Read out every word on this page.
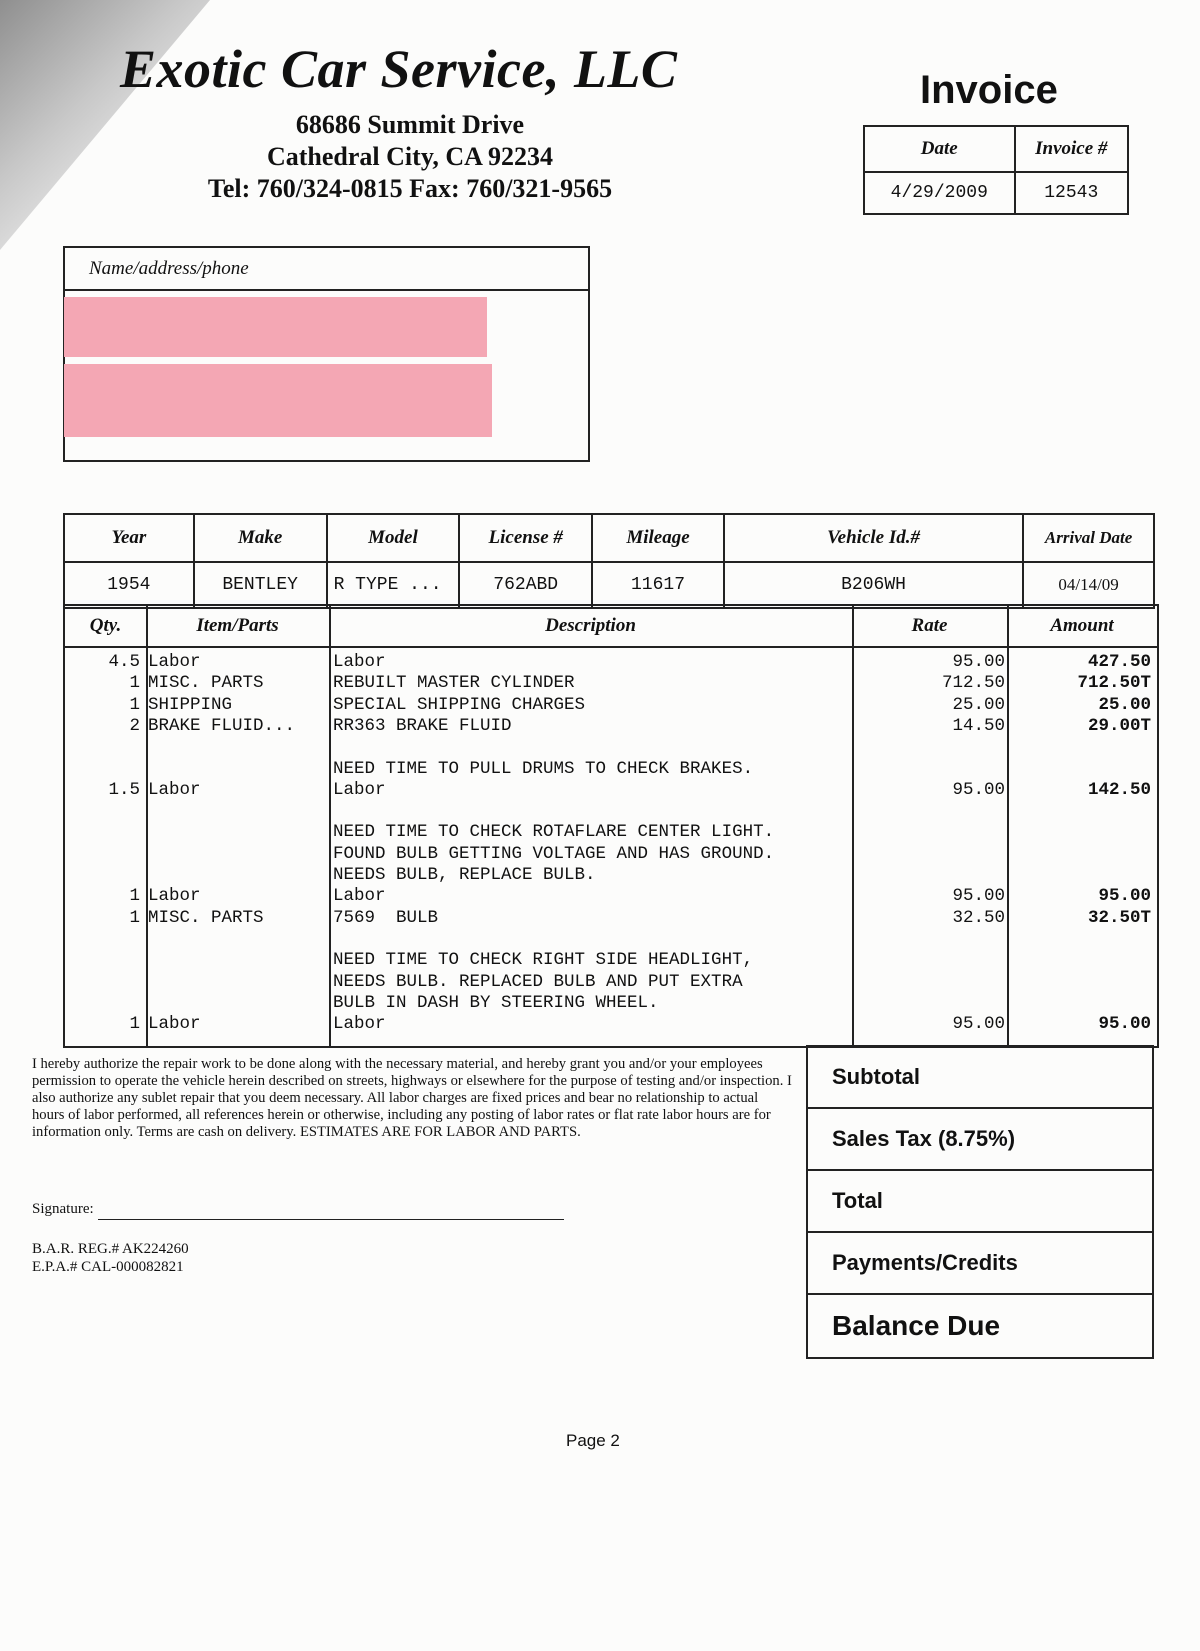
Exotic Car Service, LLC
68686 Summit Drive
Cathedral City, CA 92234
Tel: 760/324-0815 Fax: 760/321-9565
Invoice
Date	Invoice #
4/29/2009	12543
Name/address/phone
Year	Make	Model	License #	Mileage	Vehicle Id.#	Arrival Date
1954	BENTLEY	R TYPE ...	762ABD	11617	B206WH	04/14/09
Qty.	Item/Parts	Description	Rate	Amount
4.5 Labor	Labor	95.00	427.50
1 MISC. PARTS	REBUILT MASTER CYLINDER	712.50	712.50T
1 SHIPPING	SPECIAL SHIPPING CHARGES	25.00	25.00
2 BRAKE FLUID...	RR363 BRAKE FLUID	14.50	29.00T
NEED TIME TO PULL DRUMS TO CHECK BRAKES.
1.5 Labor	Labor	95.00	142.50
NEED TIME TO CHECK ROTAFLARE CENTER LIGHT.
FOUND BULB GETTING VOLTAGE AND HAS GROUND.
NEEDS BULB, REPLACE BULB.
1 Labor	Labor	95.00	95.00
1 MISC. PARTS	7569  BULB	32.50	32.50T
NEED TIME TO CHECK RIGHT SIDE HEADLIGHT,
NEEDS BULB. REPLACED BULB AND PUT EXTRA
BULB IN DASH BY STEERING WHEEL.
1 Labor	Labor	95.00	95.00
I hereby authorize the repair work to be done along with the necessary material, and hereby grant you and/or your employees permission to operate the vehicle herein described on streets, highways or elsewhere for the purpose of testing and/or inspection. I also authorize any sublet repair that you deem necessary. All labor charges are fixed prices and bear no relationship to actual hours of labor performed, all references herein or otherwise, including any posting of labor rates or flat rate labor hours are for information only. Terms are cash on delivery. ESTIMATES ARE FOR LABOR AND PARTS.
Signature:
B.A.R. REG.# AK224260
E.P.A.# CAL-000082821
Subtotal
Sales Tax (8.75%)
Total
Payments/Credits
Balance Due
Page 2
